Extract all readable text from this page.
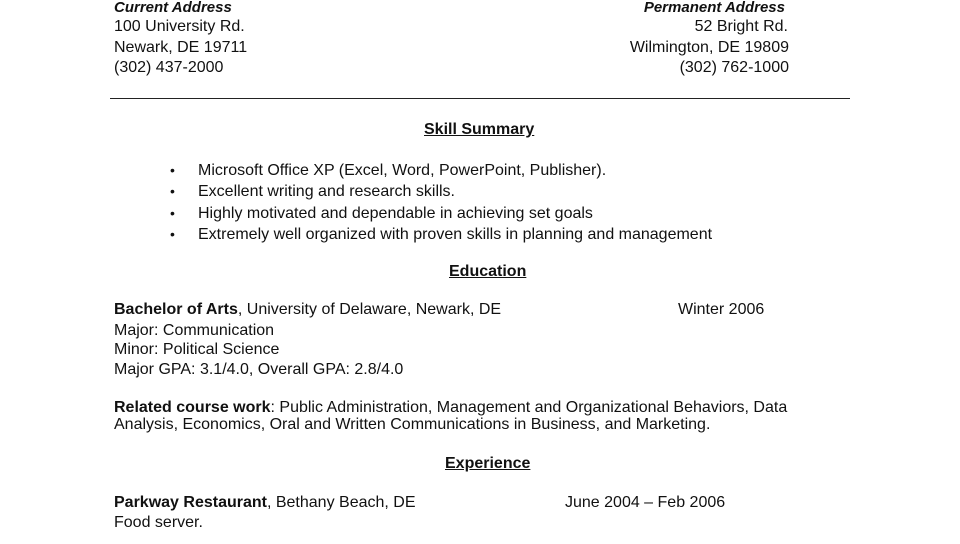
Current Address
100 University Rd.
Newark, DE 19711
(302) 437-2000
Permanent Address
52 Bright Rd.
Wilmington, DE 19809
(302) 762-1000
Skill Summary
• Microsoft Office XP (Excel, Word, PowerPoint, Publisher).
• Excellent writing and research skills.
• Highly motivated and dependable in achieving set goals
• Extremely well organized with proven skills in planning and management
Education
Bachelor of Arts, University of Delaware, Newark, DE	Winter 2006
Major: Communication
Minor: Political Science
Major GPA: 3.1/4.0, Overall GPA: 2.8/4.0
Related course work: Public Administration, Management and Organizational Behaviors, Data Analysis, Economics, Oral and Written Communications in Business, and Marketing.
Experience
Parkway Restaurant, Bethany Beach, DE	June 2004 – Feb 2006
Food server.
